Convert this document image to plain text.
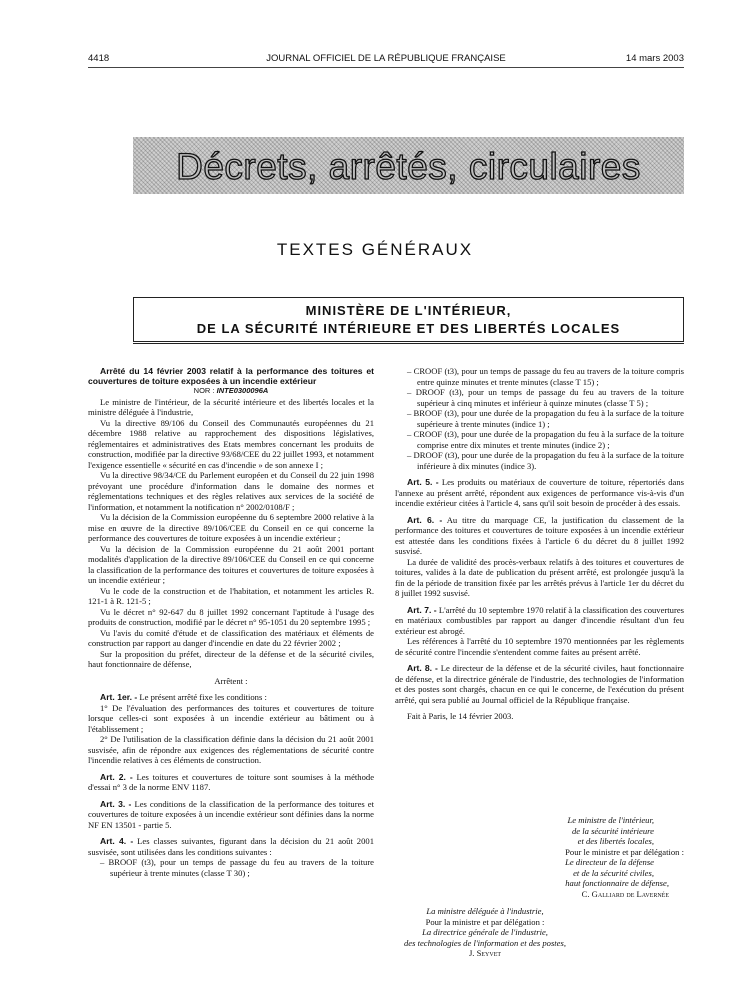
4418	JOURNAL OFFICIEL DE LA RÉPUBLIQUE FRANÇAISE	14 mars 2003
Décrets, arrêtés, circulaires
TEXTES GÉNÉRAUX
MINISTÈRE DE L'INTÉRIEUR,
DE LA SÉCURITÉ INTÉRIEURE ET DES LIBERTÉS LOCALES

Arrêté du 14 février 2003 relatif à la performance des toitures et couvertures de toiture exposées à un incendie extérieur

NOR : INTE0300096A

Le ministre de l'intérieur, de la sécurité intérieure et des libertés locales et la ministre déléguée à l'industrie,

Vu la directive 89/106 du Conseil des Communautés européennes du 21 décembre 1988 relative au rapprochement des dispositions législatives, réglementaires et administratives des Etats membres concernant les produits de construction, modifiée par la directive 93/68/CEE du 22 juillet 1993, et notamment l'exigence essentielle « sécurité en cas d'incendie » de son annexe I ;

Vu la directive 98/34/CE du Parlement européen et du Conseil du 22 juin 1998 prévoyant une procédure d'information dans le domaine des normes et réglementations techniques et des règles relatives aux services de la société de l'information, et notamment la notification n° 2002/0108/F ;

Vu la décision de la Commission européenne du 6 septembre 2000 relative à la mise en œuvre de la directive 89/106/CEE du Conseil en ce qui concerne la performance des couvertures de toiture exposées à un incendie extérieur ;

Vu la décision de la Commission européenne du 21 août 2001 portant modalités d'application de la directive 89/106/CEE du Conseil en ce qui concerne la classification de la performance des toitures et couvertures de toiture exposées à un incendie extérieur ;

Vu le code de la construction et de l'habitation, et notamment les articles R. 121-1 à R. 121-5 ;

Vu le décret n° 92-647 du 8 juillet 1992 concernant l'aptitude à l'usage des produits de construction, modifié par le décret n° 95-1051 du 20 septembre 1995 ;

Vu l'avis du comité d'étude et de classification des matériaux et éléments de construction par rapport au danger d'incendie en date du 22 février 2002 ;

Sur la proposition du préfet, directeur de la défense et de la sécurité civiles, haut fonctionnaire de défense,

Arrêtent :

Art. 1er. - Le présent arrêté fixe les conditions :

1° De l'évaluation des performances des toitures et couvertures de toiture lorsque celles-ci sont exposées à un incendie extérieur au bâtiment ou à l'établissement ;

2° De l'utilisation de la classification définie dans la décision du 21 août 2001 susvisée, afin de répondre aux exigences des réglementations de sécurité contre l'incendie relatives à ces éléments de construction.

Art. 2. - Les toitures et couvertures de toiture sont soumises à la méthode d'essai n° 3 de la norme ENV 1187.

Art. 3. - Les conditions de la classification de la performance des toitures et couvertures de toiture exposées à un incendie extérieur sont définies dans la norme NF EN 13501 - partie 5.

Art. 4. - Les classes suivantes, figurant dans la décision du 21 août 2001 susvisée, sont utilisées dans les conditions suivantes :

– BROOF (t3), pour un temps de passage du feu au travers de la toiture supérieur à trente minutes (classe T 30) ;

– CROOF (t3), pour un temps de passage du feu au travers de la toiture compris entre quinze minutes et trente minutes (classe T 15) ;

– DROOF (t3), pour un temps de passage du feu au travers de la toiture supérieur à cinq minutes et inférieur à quinze minutes (classe T 5) ;

– BROOF (t3), pour une durée de la propagation du feu à la surface de la toiture supérieure à trente minutes (indice 1) ;

– CROOF (t3), pour une durée de la propagation du feu à la surface de la toiture comprise entre dix minutes et trente minutes (indice 2) ;

– DROOF (t3), pour une durée de la propagation du feu à la surface de la toiture inférieure à dix minutes (indice 3).

Art. 5. - Les produits ou matériaux de couverture de toiture, répertoriés dans l'annexe au présent arrêté, répondent aux exigences de performance vis-à-vis d'un incendie extérieur citées à l'article 4, sans qu'il soit besoin de procéder à des essais.

Art. 6. - Au titre du marquage CE, la justification du classement de la performance des toitures et couvertures de toiture exposées à un incendie extérieur est attestée dans les conditions fixées à l'article 6 du décret du 8 juillet 1992 susvisé.

La durée de validité des procès-verbaux relatifs à des toitures et couvertures de toitures, valides à la date de publication du présent arrêté, est prolongée jusqu'à la fin de la période de transition fixée par les arrêtés prévus à l'article 1er du décret du 8 juillet 1992 susvisé.

Art. 7. - L'arrêté du 10 septembre 1970 relatif à la classification des couvertures en matériaux combustibles par rapport au danger d'incendie résultant d'un feu extérieur est abrogé.

Les références à l'arrêté du 10 septembre 1970 mentionnées par les règlements de sécurité contre l'incendie s'entendent comme faites au présent arrêté.

Art. 8. - Le directeur de la défense et de la sécurité civiles, haut fonctionnaire de défense, et la directrice générale de l'industrie, des technologies de l'information et des postes sont chargés, chacun en ce qui le concerne, de l'exécution du présent arrêté, qui sera publié au Journal officiel de la République française.

Fait à Paris, le 14 février 2003.

Le ministre de l'intérieur,
de la sécurité intérieure
et des libertés locales,
Pour le ministre et par délégation :
Le directeur de la défense
et de la sécurité civiles,
haut fonctionnaire de défense,
C. Galliard de Lavernée
La ministre déléguée à l'industrie,
Pour la ministre et par délégation :
La directrice générale de l'industrie,
des technologies de l'information et des postes,
J. Seyvet
